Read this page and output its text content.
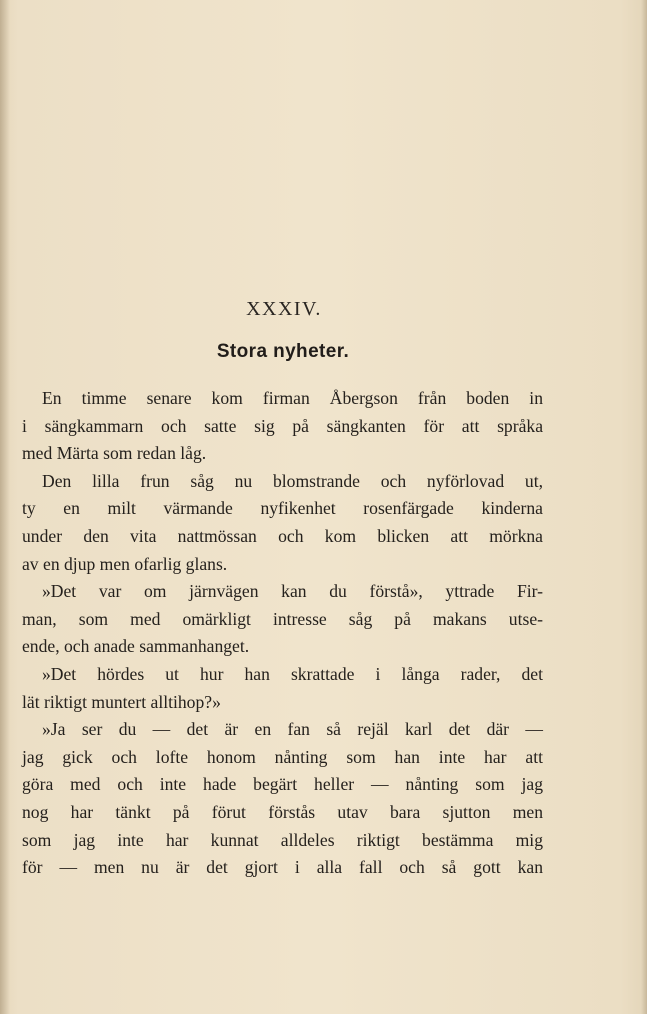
XXXIV.
Stora nyheter.
En timme senare kom firman Åbergson från boden in
i sängkammarn och satte sig på sängkanten för att språka
med Märta som redan låg.
Den lilla frun såg nu blomstrande och nyförlovad ut,
ty en milt värmande nyfikenhet rosenfärgade kinderna
under den vita nattmössan och kom blicken att mörkna
av en djup men ofarlig glans.
»Det var om järnvägen kan du förstå», yttrade Fir-
man, som med omärkligt intresse såg på makans utse-
ende, och anade sammanhanget.
»Det hördes ut hur han skrattade i långa rader, det
lät riktigt muntert alltihop?»
»Ja ser du — det är en fan så rejäl karl det där —
jag gick och lofte honom nånting som han inte har att
göra med och inte hade begärt heller — nånting som jag
nog har tänkt på förut förstås utav bara sjutton men
som jag inte har kunnat alldeles riktigt bestämma mig
för — men nu är det gjort i alla fall och så gott kan
